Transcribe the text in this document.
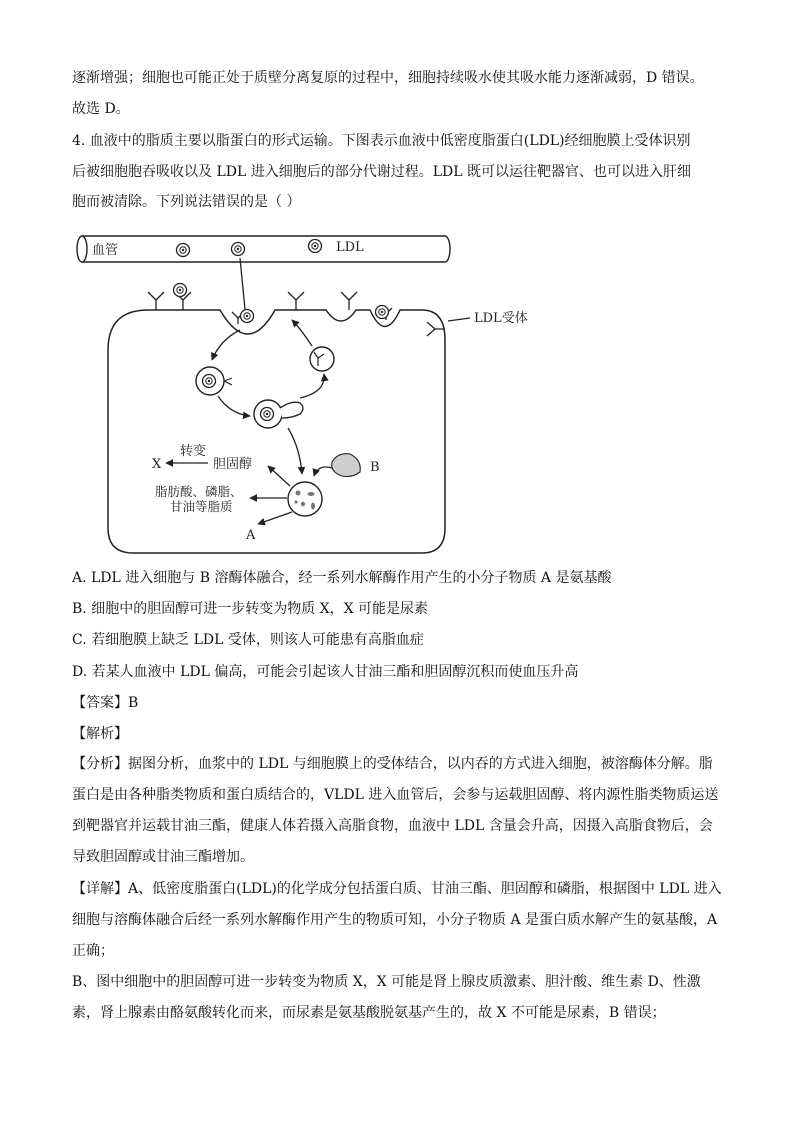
逐渐增强；细胞也可能正处于质壁分离复原的过程中，细胞持续吸水使其吸水能力逐渐减弱，D 错误。
故选 D。
4. 血液中的脂质主要以脂蛋白的形式运输。下图表示血液中低密度脂蛋白(LDL)经细胞膜上受体识别
后被细胞胞吞吸收以及 LDL 进入细胞后的部分代谢过程。LDL 既可以运往靶器官、也可以进入肝细
胞而被清除。下列说法错误的是（ ）
血管	LDL
LDL受体
B
转变
X	胆固醇
脂肪酸、磷脂、
甘油等脂质
A
A. LDL 进入细胞与 B 溶酶体融合，经一系列水解酶作用产生的小分子物质 A 是氨基酸
B. 细胞中的胆固醇可进一步转变为物质 X，X 可能是尿素
C. 若细胞膜上缺乏 LDL 受体，则该人可能患有高脂血症
D. 若某人血液中 LDL 偏高，可能会引起该人甘油三酯和胆固醇沉积而使血压升高
【答案】B
【解析】
【分析】据图分析，血浆中的 LDL 与细胞膜上的受体结合，以内吞的方式进入细胞，被溶酶体分解。脂蛋白是由各种脂类物质和蛋白质结合的，VLDL 进入血管后，会参与运载胆固醇、将内源性脂类物质运送到靶器官并运载甘油三酯，健康人体若摄入高脂食物，血液中 LDL 含量会升高，因摄入高脂食物后，会导致胆固醇或甘油三酯增加。
【详解】A、低密度脂蛋白(LDL)的化学成分包括蛋白质、甘油三酯、胆固醇和磷脂，根据图中 LDL 进入细胞与溶酶体融合后经一系列水解酶作用产生的物质可知，小分子物质 A 是蛋白质水解产生的氨基酸，A 正确；
B、图中细胞中的胆固醇可进一步转变为物质 X，X 可能是肾上腺皮质激素、胆汁酸、维生素 D、性激素，肾上腺素由酪氨酸转化而来，而尿素是氨基酸脱氨基产生的，故 X 不可能是尿素，B 错误；
